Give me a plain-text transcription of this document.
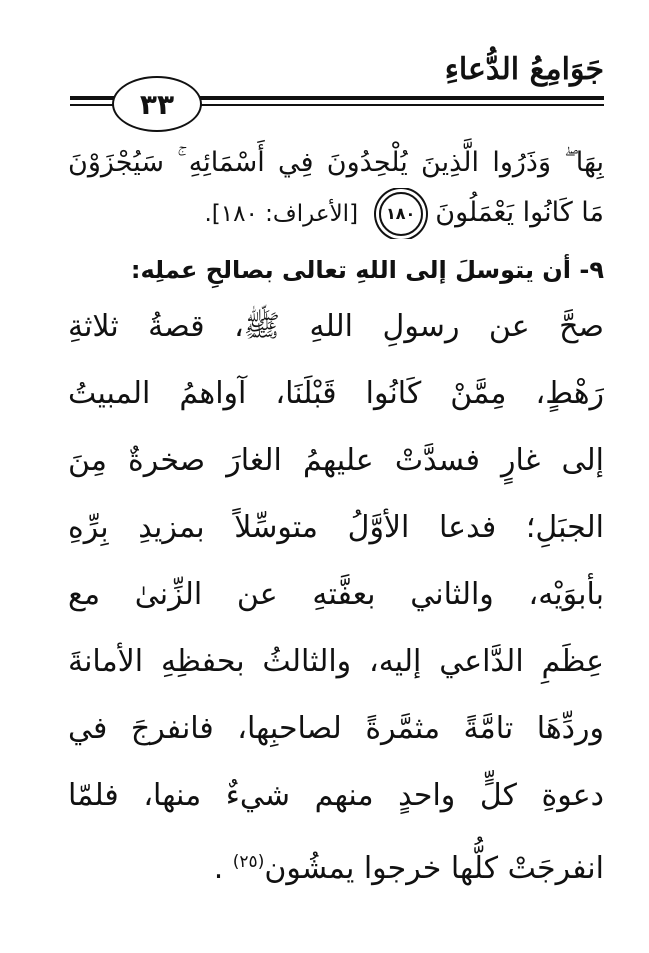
جَوَامِعُ الدُّعاءِ
٣٣
بِهَا ۖ وَذَرُوا الَّذِينَ يُلْحِدُونَ فِي أَسْمَائِهِ ۚ سَيُجْزَوْنَ
مَا كَانُوا يَعْمَلُونَ
١٨٠
[الأعراف: ١٨٠].
٩- أن يتوسلَ إلى اللهِ تعالى بصالحِ عملِه:
صحَّ عن رسولِ اللهِ ﷺ، قصةُ ثلاثةِ
رَهْطٍ، مِمَّنْ كَانُوا قَبْلَنَا، آواهمُ المبيتُ
إلى غارٍ فسدَّتْ عليهمُ الغارَ صخرةٌ مِنَ
الجبَلِ؛ فدعا الأوَّلُ متوسِّلاً بمزيدِ بِرِّهِ
بأبوَيْه، والثاني بعفَّتهِ عن الزِّنىٰ مع
عِظَمِ الدَّاعي إليه، والثالثُ بحفظِهِ الأمانةَ
وردِّهَا تامَّةً مثمَّرةً لصاحبِها، فانفرجَ في
دعوةِ كلٍّ واحدٍ منهم شيءٌ منها، فلمّا
انفرجَتْ كلُّها خرجوا يمشُون$^{(٢٥)}$ .
